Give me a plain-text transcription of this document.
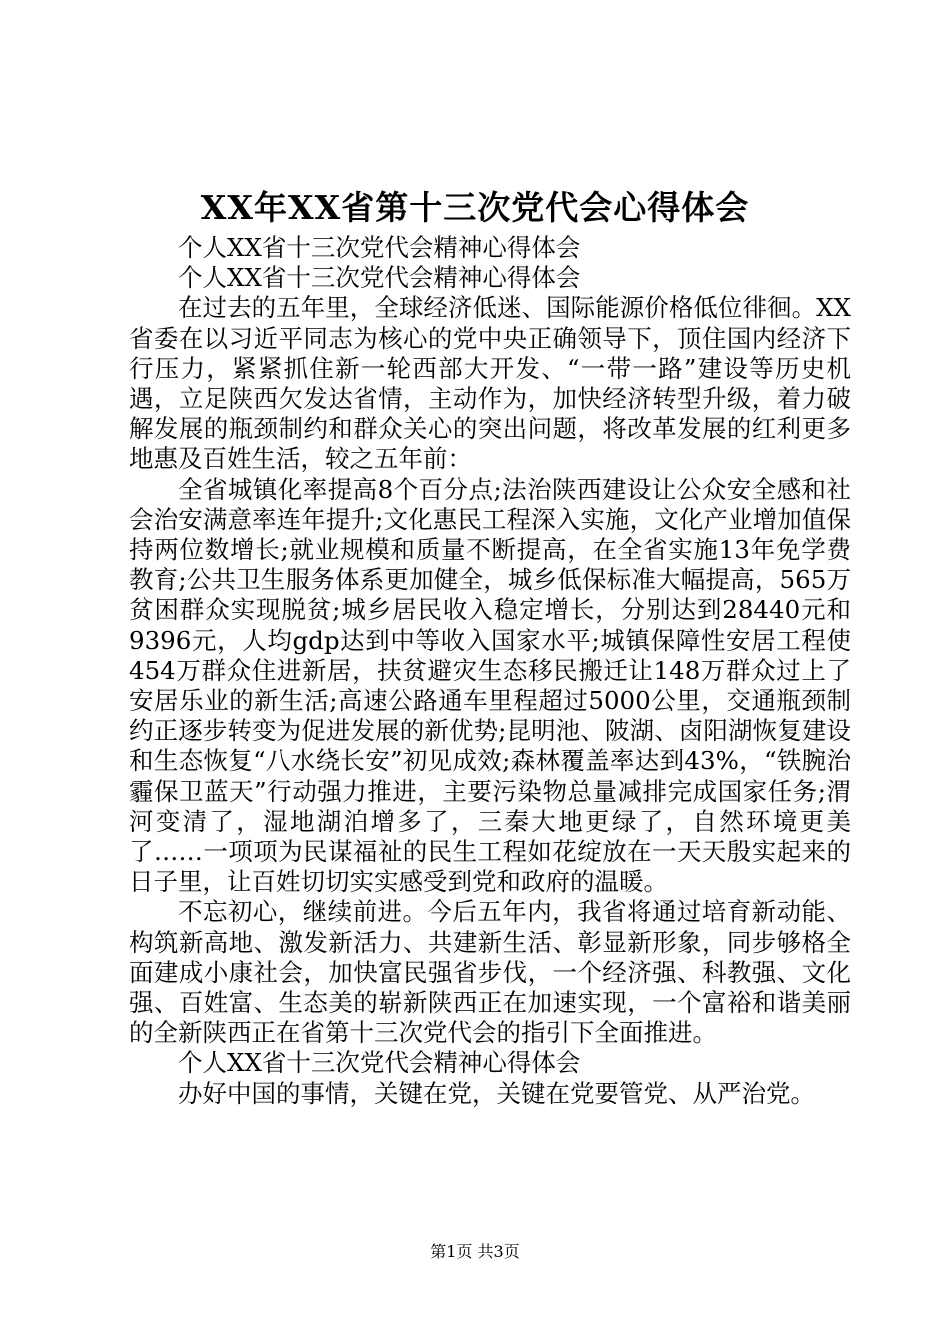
XX年XX省第十三次党代会心得体会

个人XX省十三次党代会精神心得体会

个人XX省十三次党代会精神心得体会

在过去的五年里，全球经济低迷、国际能源价格低位徘徊。XX省委在以习近平同志为核心的党中央正确领导下，顶住国内经济下行压力，紧紧抓住新一轮西部大开发、“一带一路”建设等历史机遇，立足陕西欠发达省情，主动作为，加快经济转型升级，着力破解发展的瓶颈制约和群众关心的突出问题，将改革发展的红利更多地惠及百姓生活，较之五年前：

全省城镇化率提高8个百分点;法治陕西建设让公众安全感和社会治安满意率连年提升;文化惠民工程深入实施，文化产业增加值保持两位数增长;就业规模和质量不断提高，在全省实施13年免学费教育;公共卫生服务体系更加健全，城乡低保标准大幅提高，565万贫困群众实现脱贫;城乡居民收入稳定增长，分别达到28440元和9396元，人均gdp达到中等收入国家水平;城镇保障性安居工程使454万群众住进新居，扶贫避灾生态移民搬迁让148万群众过上了安居乐业的新生活;高速公路通车里程超过5000公里，交通瓶颈制约正逐步转变为促进发展的新优势;昆明池、陂湖、卤阳湖恢复建设和生态恢复“八水绕长安”初见成效;森林覆盖率达到43%，“铁腕治霾保卫蓝天”行动强力推进，主要污染物总量减排完成国家任务;渭河变清了，湿地湖泊增多了，三秦大地更绿了，自然环境更美了……一项项为民谋福祉的民生工程如花绽放在一天天殷实起来的日子里，让百姓切切实实感受到党和政府的温暖。

不忘初心，继续前进。今后五年内，我省将通过培育新动能、构筑新高地、激发新活力、共建新生活、彰显新形象，同步够格全面建成小康社会，加快富民强省步伐，一个经济强、科教强、文化强、百姓富、生态美的崭新陕西正在加速实现，一个富裕和谐美丽的全新陕西正在省第十三次党代会的指引下全面推进。

个人XX省十三次党代会精神心得体会

办好中国的事情，关键在党，关键在党要管党、从严治党。

第1页 共3页
